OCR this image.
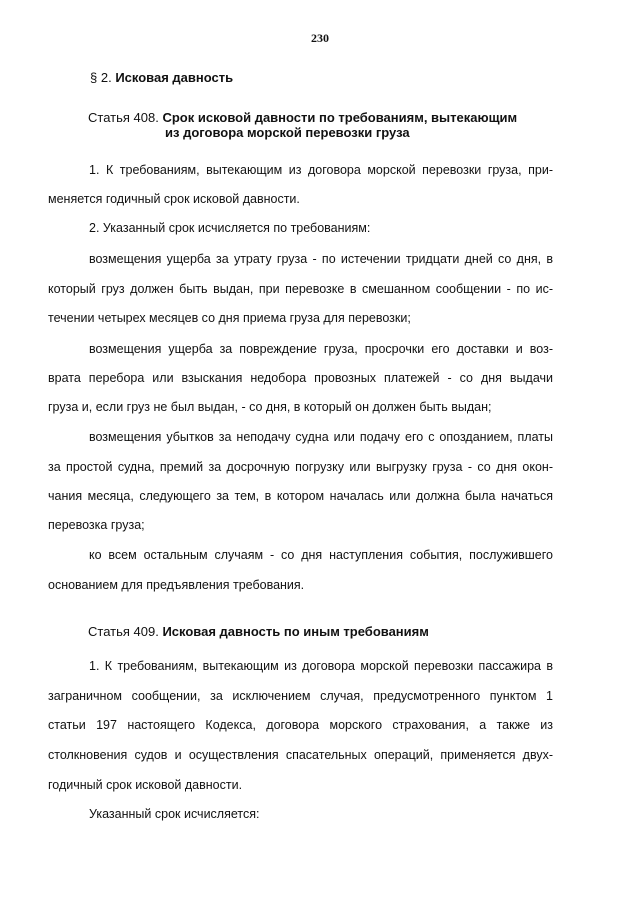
230
§ 2. Исковая давность
Статья 408. Срок исковой давности по требованиям, вытекающим
из договора морской перевозки груза
1. К требованиям, вытекающим из договора морской перевозки груза, при-
меняется годичный срок исковой давности.
2. Указанный срок исчисляется по требованиям:
возмещения ущерба за утрату груза - по истечении тридцати дней со дня, в
который груз должен быть выдан, при перевозке в смешанном сообщении - по ис-
течении четырех месяцев со дня приема груза для перевозки;
возмещения ущерба за повреждение груза, просрочки его доставки и воз-
врата перебора или взыскания недобора провозных платежей - со дня выдачи
груза и, если груз не был выдан, - со дня, в который он должен быть выдан;
возмещения убытков за неподачу судна или подачу его с опозданием, платы
за простой судна, премий за досрочную погрузку или выгрузку груза - со дня окон-
чания месяца, следующего за тем, в котором началась или должна была начаться
перевозка груза;
ко всем остальным случаям - со дня наступления события, послужившего
основанием для предъявления требования.
Статья 409. Исковая давность по иным требованиям
1. К требованиям, вытекающим из договора морской перевозки пассажира в
заграничном сообщении, за исключением случая, предусмотренного пунктом 1
статьи 197 настоящего Кодекса, договора морского страхования, а также из
столкновения судов и осуществления спасательных операций, применяется двух-
годичный срок исковой давности.
Указанный срок исчисляется:
